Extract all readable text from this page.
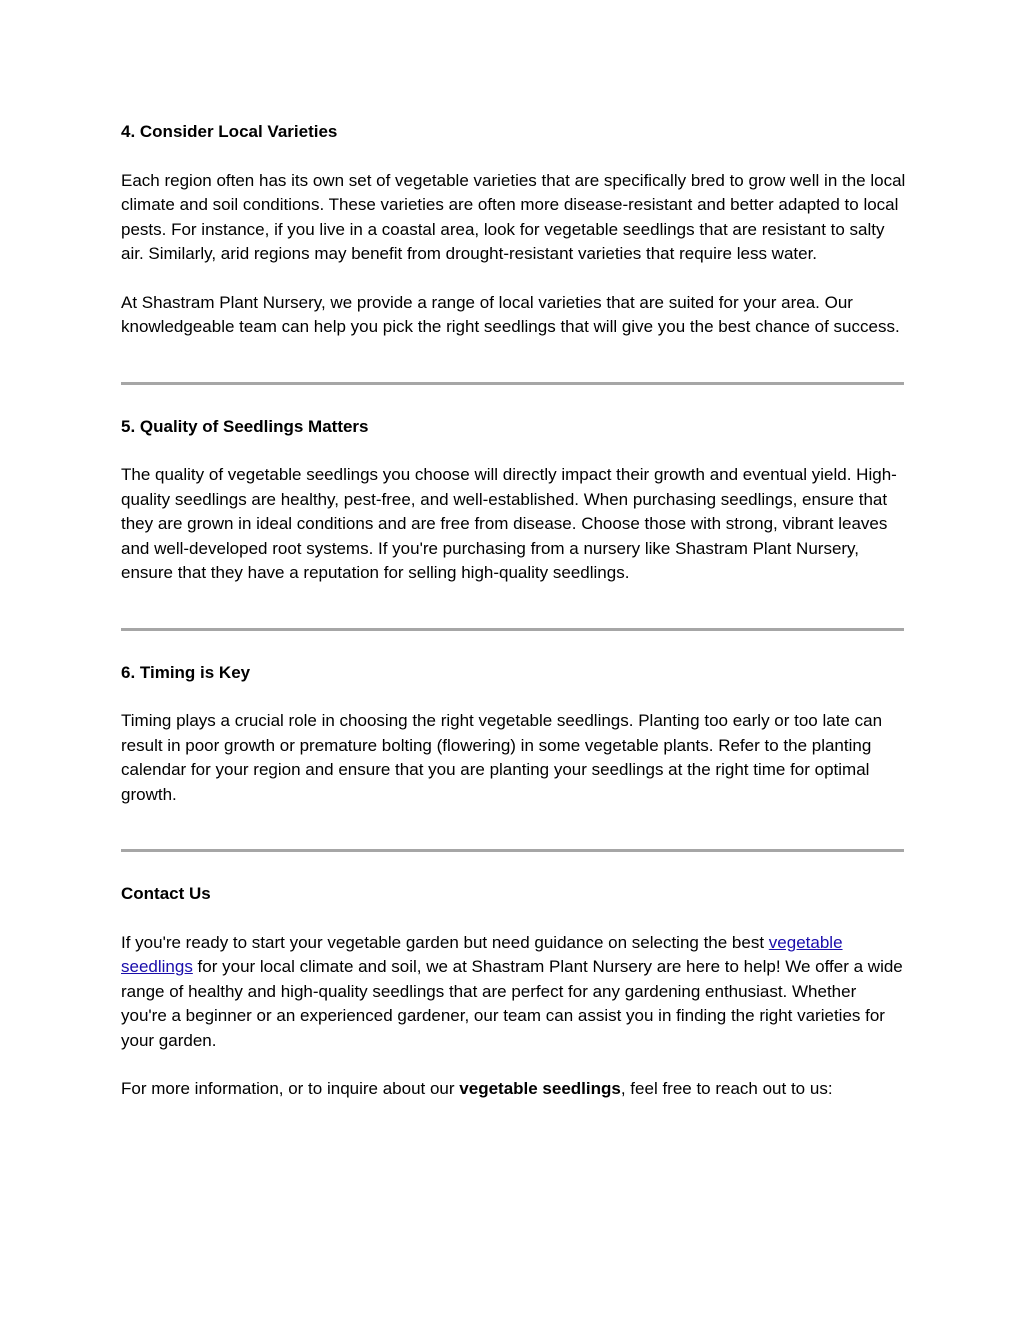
4. Consider Local Varieties

Each region often has its own set of vegetable varieties that are specifically bred to grow well in the local climate and soil conditions. These varieties are often more disease-resistant and better adapted to local pests. For instance, if you live in a coastal area, look for vegetable seedlings that are resistant to salty air. Similarly, arid regions may benefit from drought-resistant varieties that require less water.

At Shastram Plant Nursery, we provide a range of local varieties that are suited for your area. Our knowledgeable team can help you pick the right seedlings that will give you the best chance of success.

5. Quality of Seedlings Matters

The quality of vegetable seedlings you choose will directly impact their growth and eventual yield. High-quality seedlings are healthy, pest-free, and well-established. When purchasing seedlings, ensure that they are grown in ideal conditions and are free from disease. Choose those with strong, vibrant leaves and well-developed root systems. If you're purchasing from a nursery like Shastram Plant Nursery, ensure that they have a reputation for selling high-quality seedlings.

6. Timing is Key

Timing plays a crucial role in choosing the right vegetable seedlings. Planting too early or too late can result in poor growth or premature bolting (flowering) in some vegetable plants. Refer to the planting calendar for your region and ensure that you are planting your seedlings at the right time for optimal growth.

Contact Us

If you're ready to start your vegetable garden but need guidance on selecting the best vegetable seedlings for your local climate and soil, we at Shastram Plant Nursery are here to help! We offer a wide range of healthy and high-quality seedlings that are perfect for any gardening enthusiast. Whether you're a beginner or an experienced gardener, our team can assist you in finding the right varieties for your garden.

For more information, or to inquire about our vegetable seedlings, feel free to reach out to us:
